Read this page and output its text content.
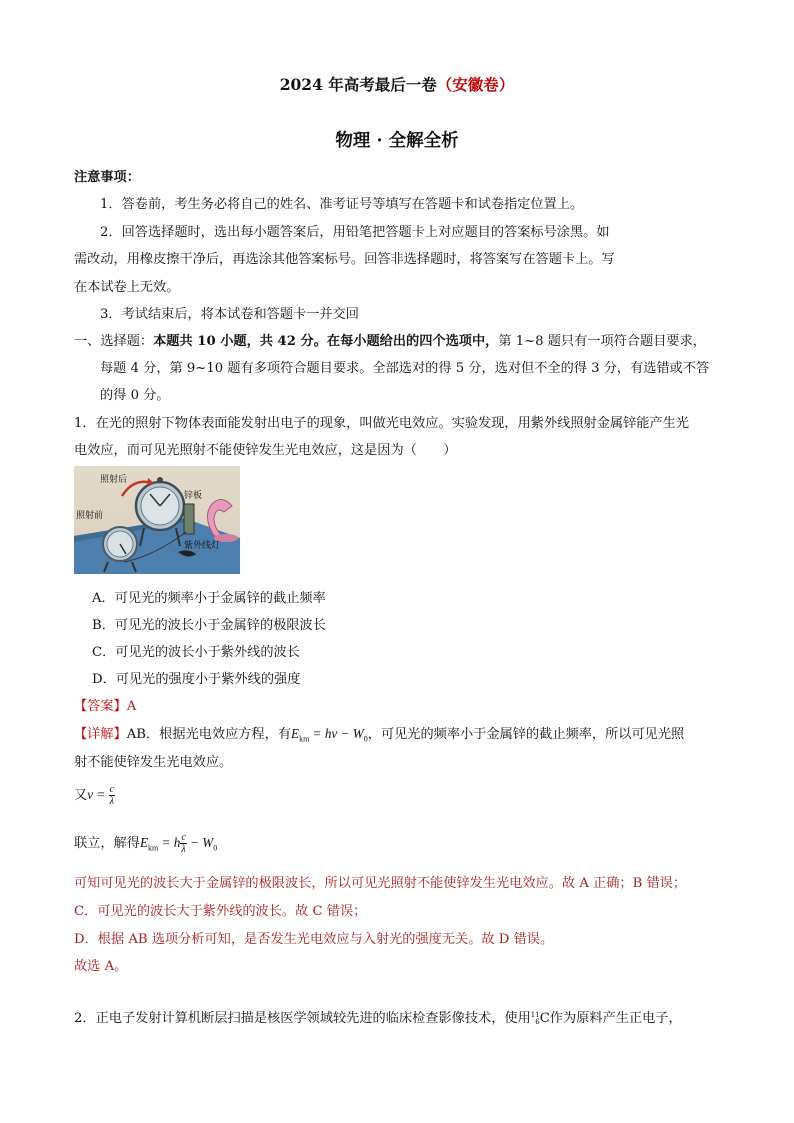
2024 年高考最后一卷（安徽卷）
物理 · 全解全析
注意事项：
1．答卷前，考生务必将自己的姓名、准考证号等填写在答题卡和试卷指定位置上。
2．回答选择题时，选出每小题答案后，用铅笔把答题卡上对应题目的答案标号涂黑。如
需改动，用橡皮擦干净后，再选涂其他答案标号。回答非选择题时，将答案写在答题卡上。写
在本试卷上无效。
3．考试结束后，将本试卷和答题卡一并交回
一、选择题：本题共 10 小题，共 42 分。在每小题给出的四个选项中，第 1~8 题只有一项符合题目要求，
每题 4 分，第 9~10 题有多项符合题目要求。全部选对的得 5 分，选对但不全的得 3 分，有选错或不答
的得 0 分。
1．在光的照射下物体表面能发射出电子的现象，叫做光电效应。实验发现，用紫外线照射金属锌能产生光
电效应，而可见光照射不能使锌发生光电效应，这是因为（　　）
照射后
照射前
锌板
紫外线灯
A．可见光的频率小于金属锌的截止频率
B．可见光的波长小于金属锌的极限波长
C．可见光的波长小于紫外线的波长
D．可见光的强度小于紫外线的强度
【答案】A
【详解】AB．根据光电效应方程，有$E_{km} = h\nu - W_0$，可见光的频率小于金属锌的截止频率，所以可见光照
射不能使锌发生光电效应。
又$\nu = \frac{c}{\lambda}$
联立，解得$E_{km} = h \frac{c}{\lambda} - W_0$
可知可见光的波长大于金属锌的极限波长，所以可见光照射不能使锌发生光电效应。故 A 正确；B 错误；
C．可见光的波长大于紫外线的波长。故 C 错误；
D．根据 AB 选项分析可知，是否发生光电效应与入射光的强度无关。故 D 错误。
故选 A。
2．正电子发射计算机断层扫描是核医学领域较先进的临床检查影像技术，使用 11
6 C作为原料产生正电子，
